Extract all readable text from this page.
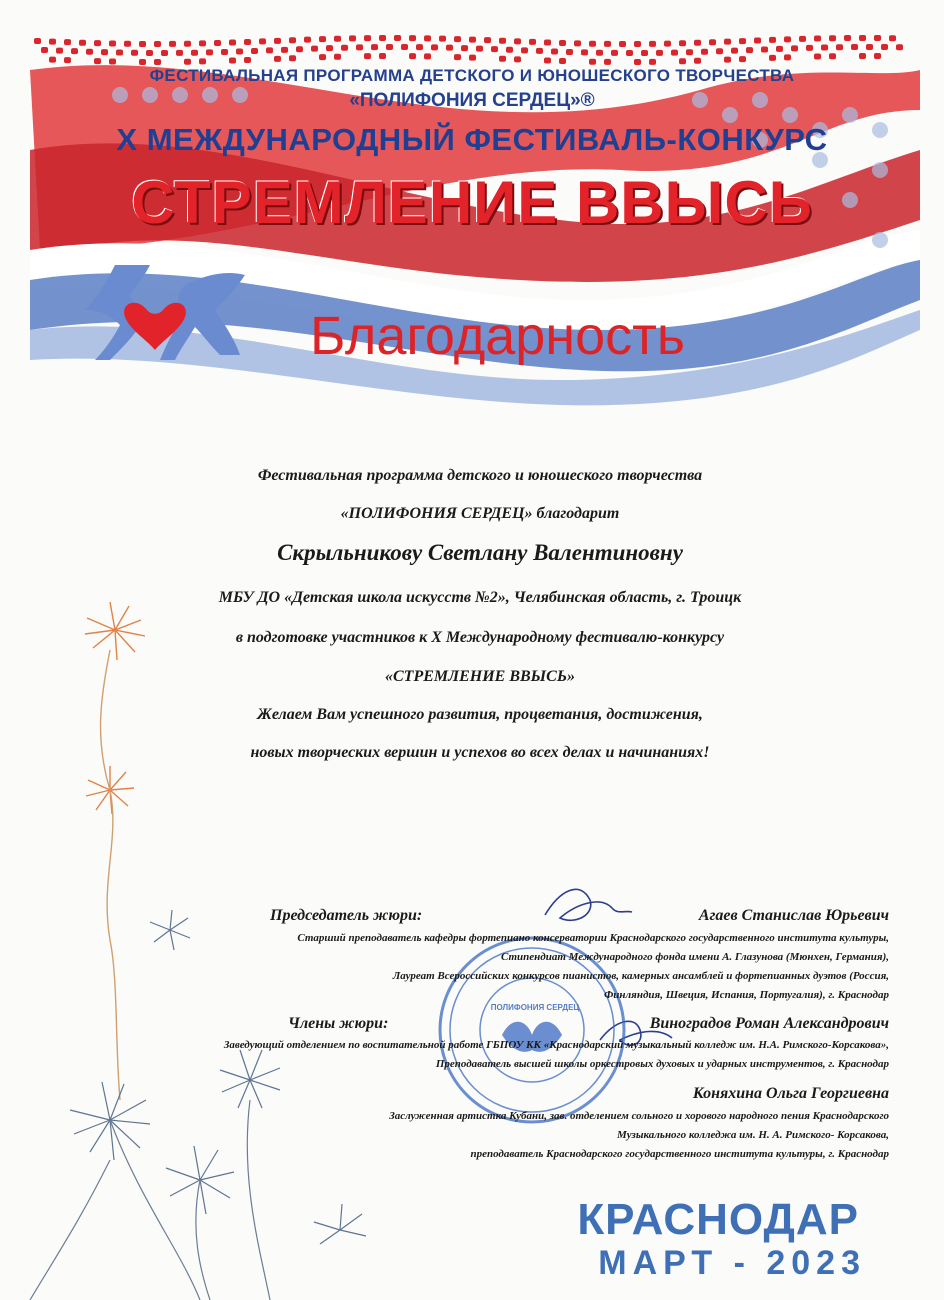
ФЕСТИВАЛЬНАЯ ПРОГРАММА ДЕТСКОГО И ЮНОШЕСКОГО ТВОРЧЕСТВА
«ПОЛИФОНИЯ СЕРДЕЦ»®
X МЕЖДУНАРОДНЫЙ ФЕСТИВАЛЬ-КОНКУРС
СТРЕМЛЕНИЕ ВВЫСЬ
Благодарность
Фестивальная программа детского и юношеского творчества
«ПОЛИФОНИЯ СЕРДЕЦ» благодарит
Скрыльникову Светлану Валентиновну
МБУ ДО «Детская школа искусств №2», Челябинская область, г. Троицк
в подготовке участников к X Международному фестивалю-конкурсу
«СТРЕМЛЕНИЕ ВВЫСЬ»
Желаем Вам успешного развития, процветания, достижения,
новых творческих вершин и успехов во всех делах и начинаниях!
Председатель жюри:	Агаев Станислав Юрьевич
Старший преподаватель кафедры фортепиано консерватории Краснодарского государственного института культуры,
Стипендиат Международного фонда имени А. Глазунова (Мюнхен, Германия),
Лауреат Всероссийских конкурсов пианистов, камерных ансамблей и фортепианных дуэтов (Россия,
Финляндия, Швеция, Испания, Португалия), г. Краснодар
Члены жюри:	Виноградов Роман Александрович
Заведующий отделением по воспитательной работе ГБПОУ КК «Краснодарский музыкальный колледж им. Н.А. Римского-Корсакова»,
Преподаватель высшей школы оркестровых духовых и ударных инструментов, г. Краснодар
Коняхина Ольга Георгиевна
Заслуженная артистка Кубани, зав. отделением сольного и хорового народного пения Краснодарского
Музыкального колледжа им. Н. А. Римского- Корсакова,
преподаватель Краснодарского государственного института культуры, г. Краснодар
ПОЛИФОНИЯ СЕРДЕЦ
КРАСНОДАР
МАРТ - 2023
